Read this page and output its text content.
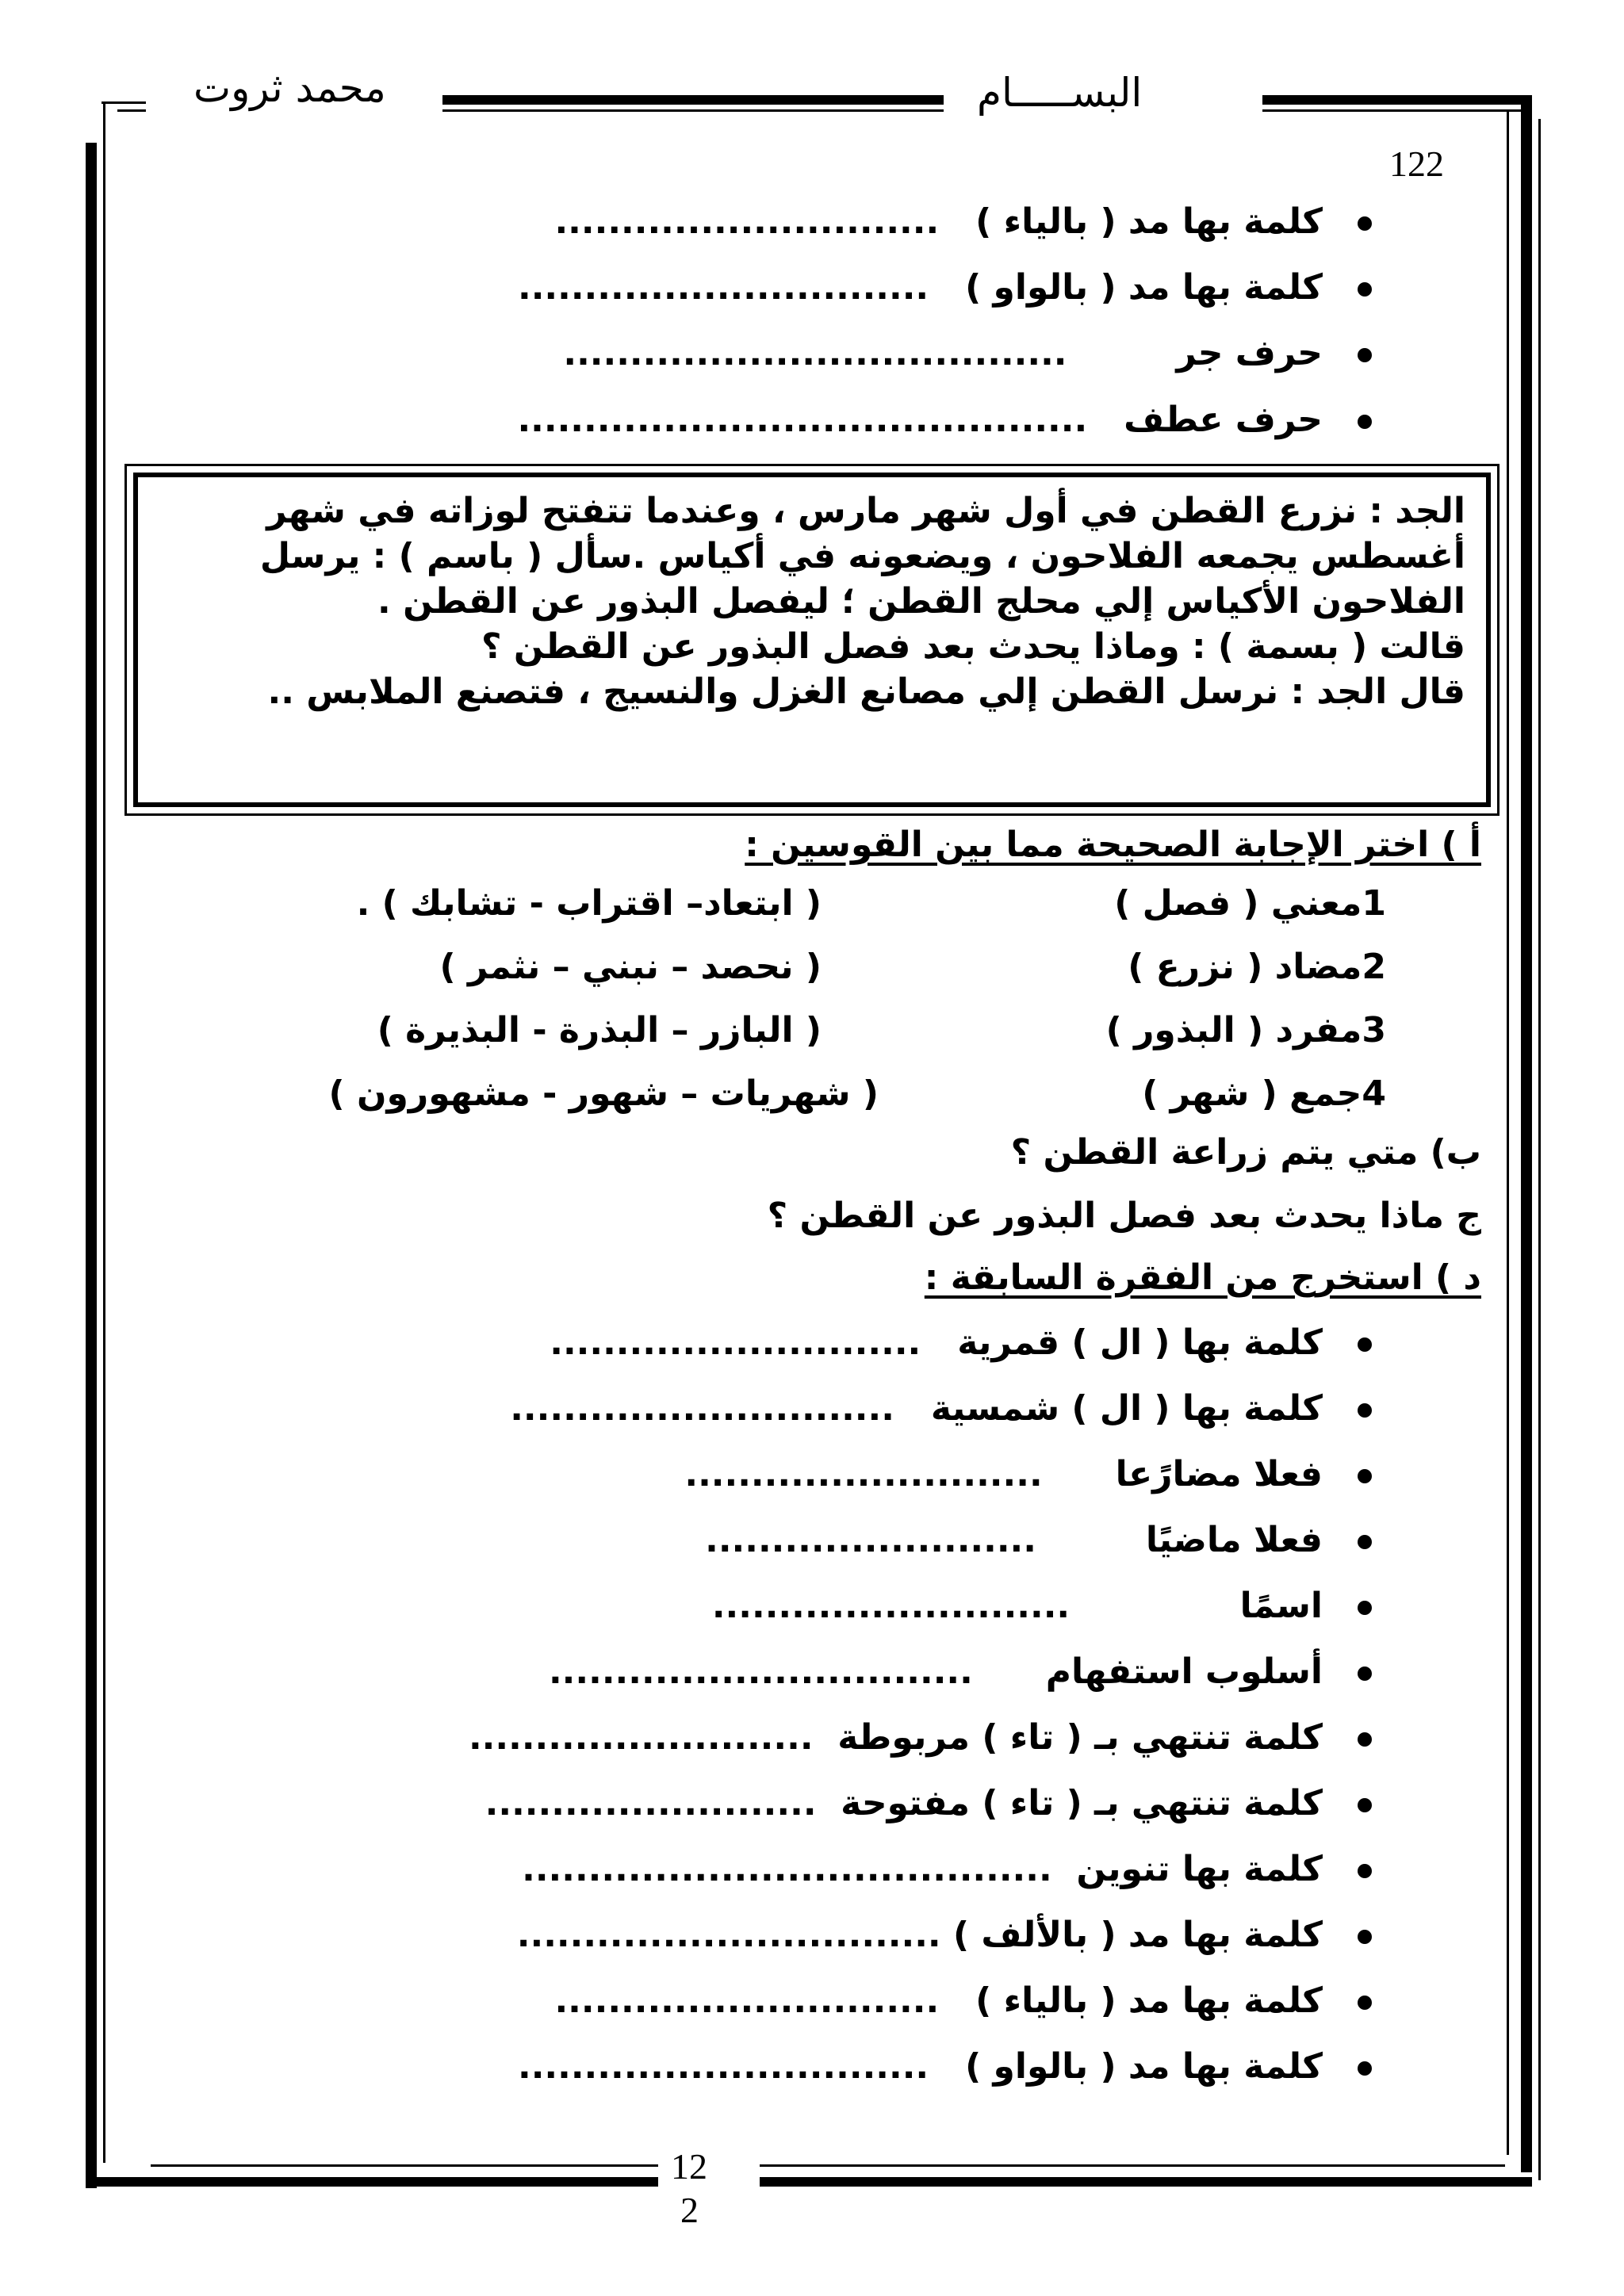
البســـــام
محمد ثروت
122
كلمة بها مد ( بالياء )   .............................
كلمة بها مد ( بالواو )   ...............................
حرف جر         ......................................
حرف عطف   ...........................................
الجد : نزرع القطن في أول شهر مارس ، وعندما تتفتح لوزاته في شهر
أغسطس يجمعه الفلاحون ، ويضعونه في أكياس .سأل ( باسم ) : يرسل
الفلاحون الأكياس إلي محلج القطن ؛ ليفصل البذور عن القطن .
قالت ( بسمة ) : وماذا يحدث بعد فصل البذور عن القطن ؟
قال الجد : نرسل القطن إلي مصانع الغزل والنسيج ، فتصنع الملابس ..
أ ) اختر الإجابة الصحيحة مما بين القوسين :
1معني ( فصل )
( ابتعاد– اقتراب - تشابك ) .
2مضاد ( نزرع )
( نحصد – نبني – نثمر )
3مفرد ( البذور )
( البازر – البذرة - البذيرة )
4جمع ( شهر )
( شهريات – شهور - مشهورون )
ب) متي يتم زراعة القطن ؟
ج ماذا يحدث بعد فصل البذور عن القطن ؟
د ) استخرج من الفقرة السابقة :
كلمة بها ( ال ) قمرية   ............................
كلمة بها ( ال ) شمسية   .............................
فعلا مضارًعا      ...........................
فعلا ماضيًا         .........................
اسمًا              ...........................
أسلوب استفهام      ................................
كلمة تنتهي بـ ( تاء ) مربوطة  ..........................
كلمة تنتهي بـ ( تاء ) مفتوحة  .........................
كلمة بها تنوين  ........................................
كلمة بها مد ( بالألف ) ................................
كلمة بها مد ( بالياء )   .............................
كلمة بها مد ( بالواو )   ...............................
12
2
